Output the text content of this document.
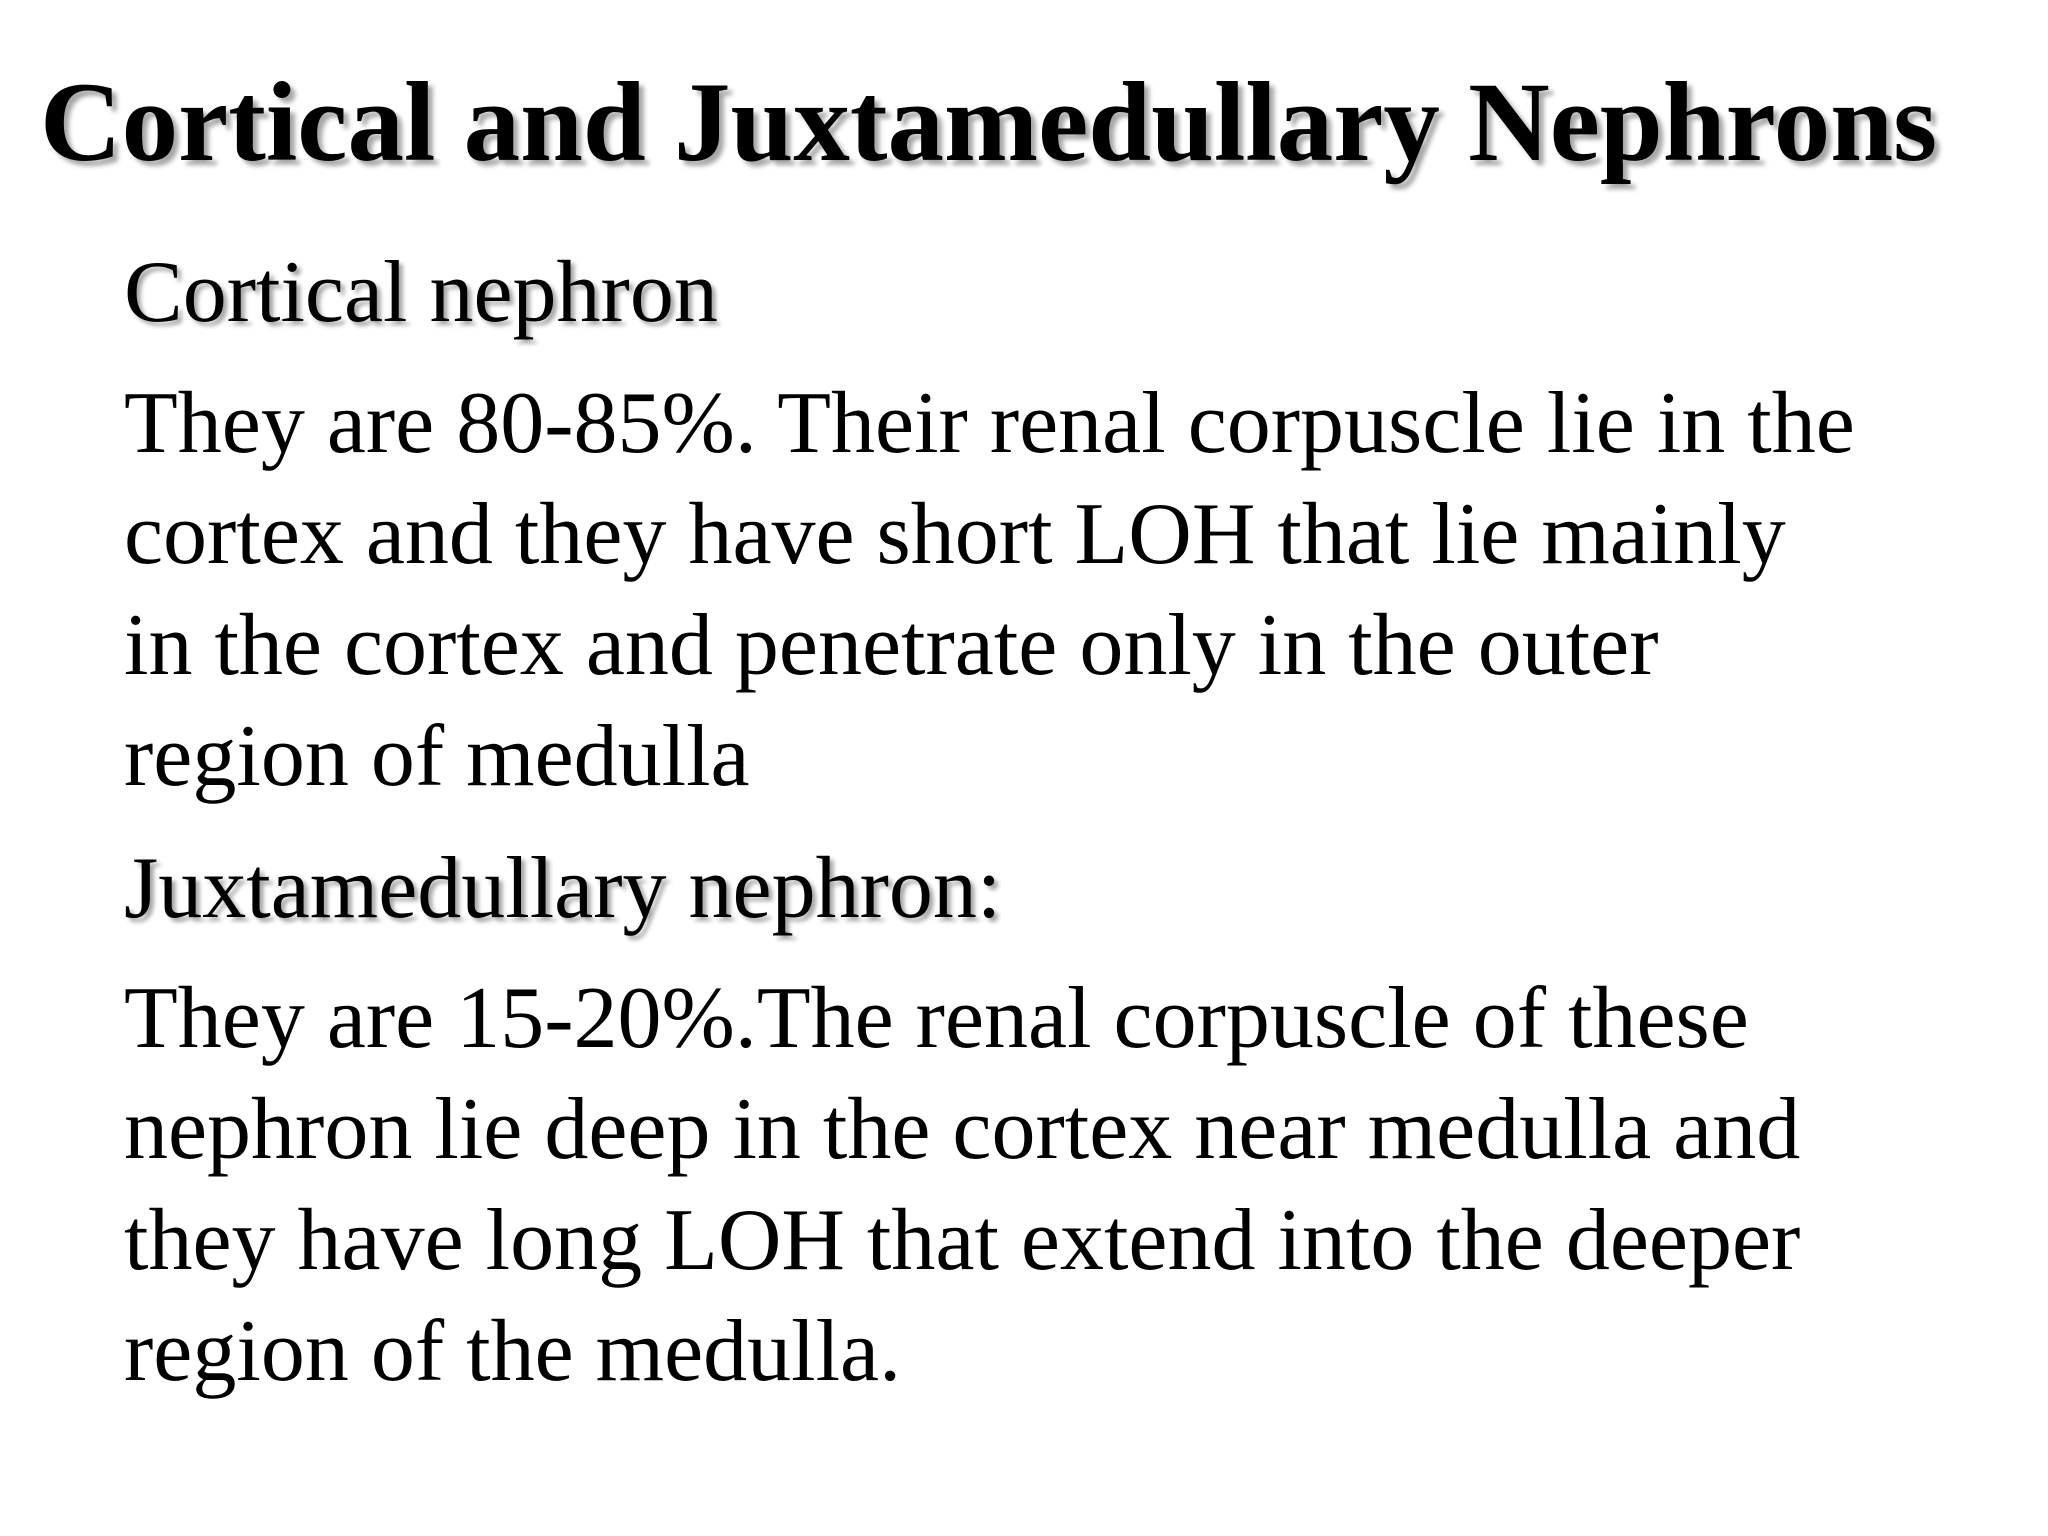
Cortical and Juxtamedullary Nephrons
Cortical nephron

They are 80-85%. Their renal corpuscle lie in the
cortex and they have short LOH that lie mainly
in the cortex and penetrate only in the outer
region of medulla

Juxtamedullary nephron:

They are 15-20%.The renal corpuscle of these
nephron lie deep in the cortex near medulla and
they have long LOH that extend into the deeper
region of the medulla.
